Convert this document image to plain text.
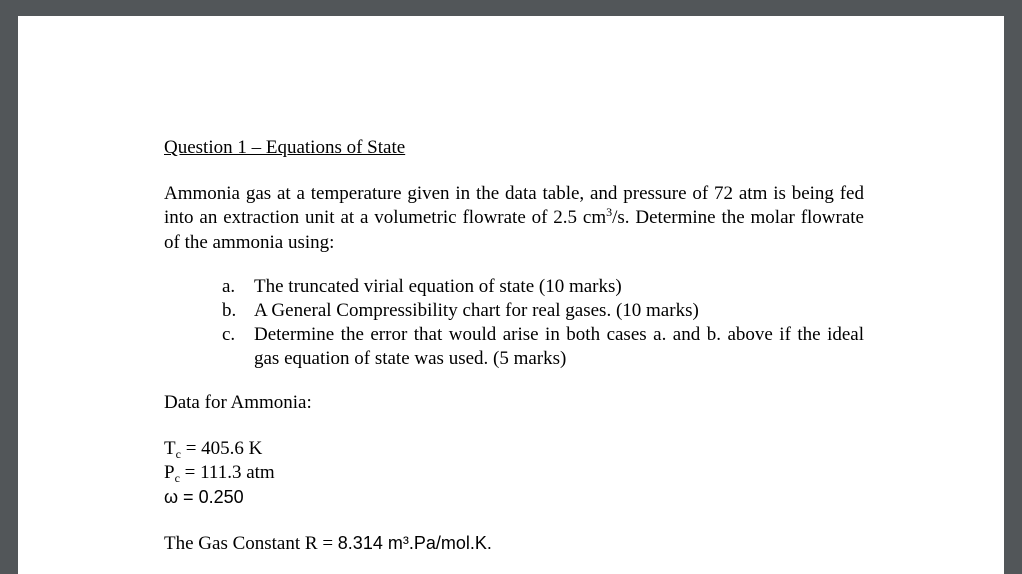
Question 1 – Equations of State
Ammonia gas at a temperature given in the data table, and pressure of 72 atm is being fed into an extraction unit at a volumetric flowrate of 2.5 $cm^3/s$. Determine the molar flowrate of the ammonia using:
a. The truncated virial equation of state (10 marks)
b. A General Compressibility chart for real gases. (10 marks)
c. Determine the error that would arise in both cases a. and b. above if the ideal gas equation of state was used. (5 marks)
Data for Ammonia:
$T_c = 405.6$ K
$P_c = 111.3$ atm
ω = 0.250
The Gas Constant R = 8.314 m³.Pa/mol.K.
